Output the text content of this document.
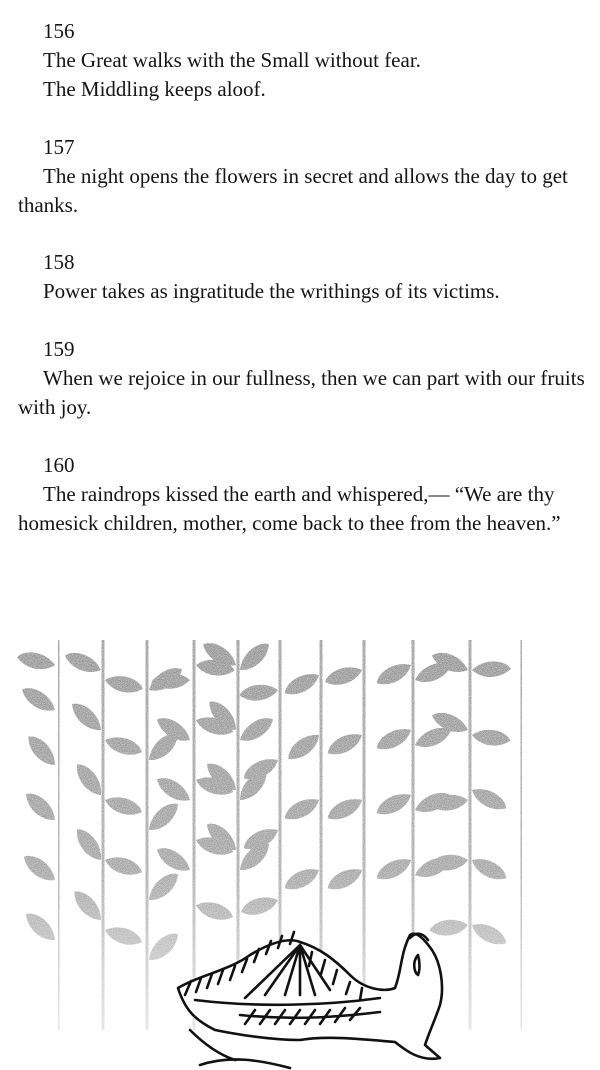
156
The Great walks with the Small without fear.
The Middling keeps aloof.
157
The night opens the flowers in secret and allows the day to get thanks.
158
Power takes as ingratitude the writhings of its victims.
159
When we rejoice in our fullness, then we can part with our fruits with joy.
160
The raindrops kissed the earth and whispered,— “We are thy homesick children, mother, come back to thee from the heaven.”
